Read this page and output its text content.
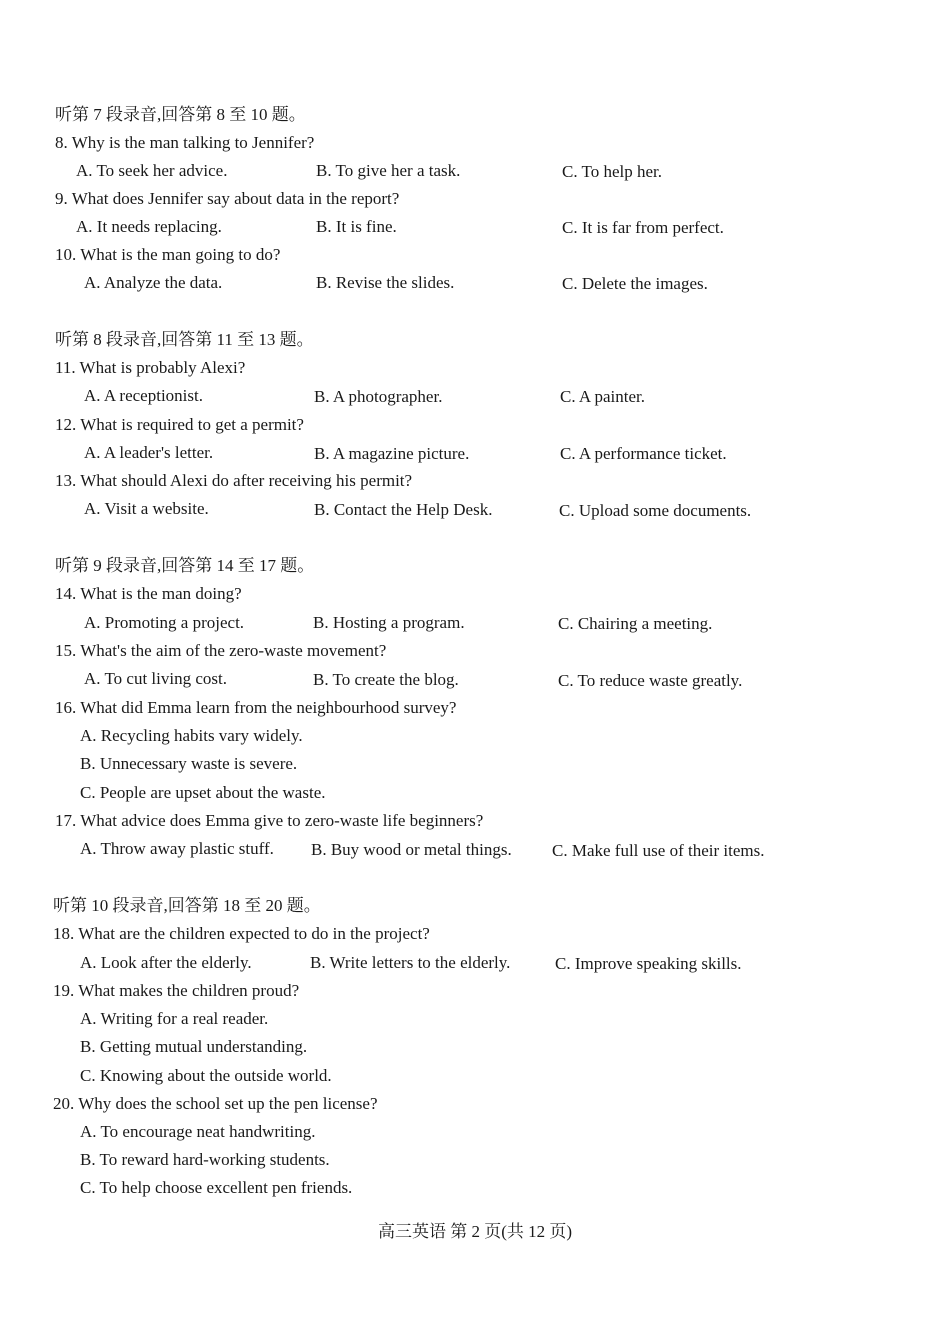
听第 7 段录音,回答第 8 至 10 题。
8. Why is the man talking to Jennifer?
A. To seek her advice.	B. To give her a task.	C. To help her.
9. What does Jennifer say about data in the report?
A. It needs replacing.	B. It is fine.	C. It is far from perfect.
10. What is the man going to do?
A. Analyze the data.	B. Revise the slides.	C. Delete the images.
听第 8 段录音,回答第 11 至 13 题。
11. What is probably Alexi?
A. A receptionist.	B. A photographer.	C. A painter.
12. What is required to get a permit?
A. A leader's letter.	B. A magazine picture.	C. A performance ticket.
13. What should Alexi do after receiving his permit?
A. Visit a website.	B. Contact the Help Desk.	C. Upload some documents.
听第 9 段录音,回答第 14 至 17 题。
14. What is the man doing?
A. Promoting a project.	B. Hosting a program.	C. Chairing a meeting.
15. What's the aim of the zero-waste movement?
A. To cut living cost.	B. To create the blog.	C. To reduce waste greatly.
16. What did Emma learn from the neighbourhood survey?
A. Recycling habits vary widely.
B. Unnecessary waste is severe.
C. People are upset about the waste.
17. What advice does Emma give to zero-waste life beginners?
A. Throw away plastic stuff. B. Buy wood or metal things. C. Make full use of their items.
听第 10 段录音,回答第 18 至 20 题。
18. What are the children expected to do in the project?
A. Look after the elderly.	B. Write letters to the elderly.	C. Improve speaking skills.
19. What makes the children proud?
A. Writing for a real reader.
B. Getting mutual understanding.
C. Knowing about the outside world.
20. Why does the school set up the pen license?
A. To encourage neat handwriting.
B. To reward hard-working students.
C. To help choose excellent pen friends.
高三英语 第 2 页(共 12 页)
